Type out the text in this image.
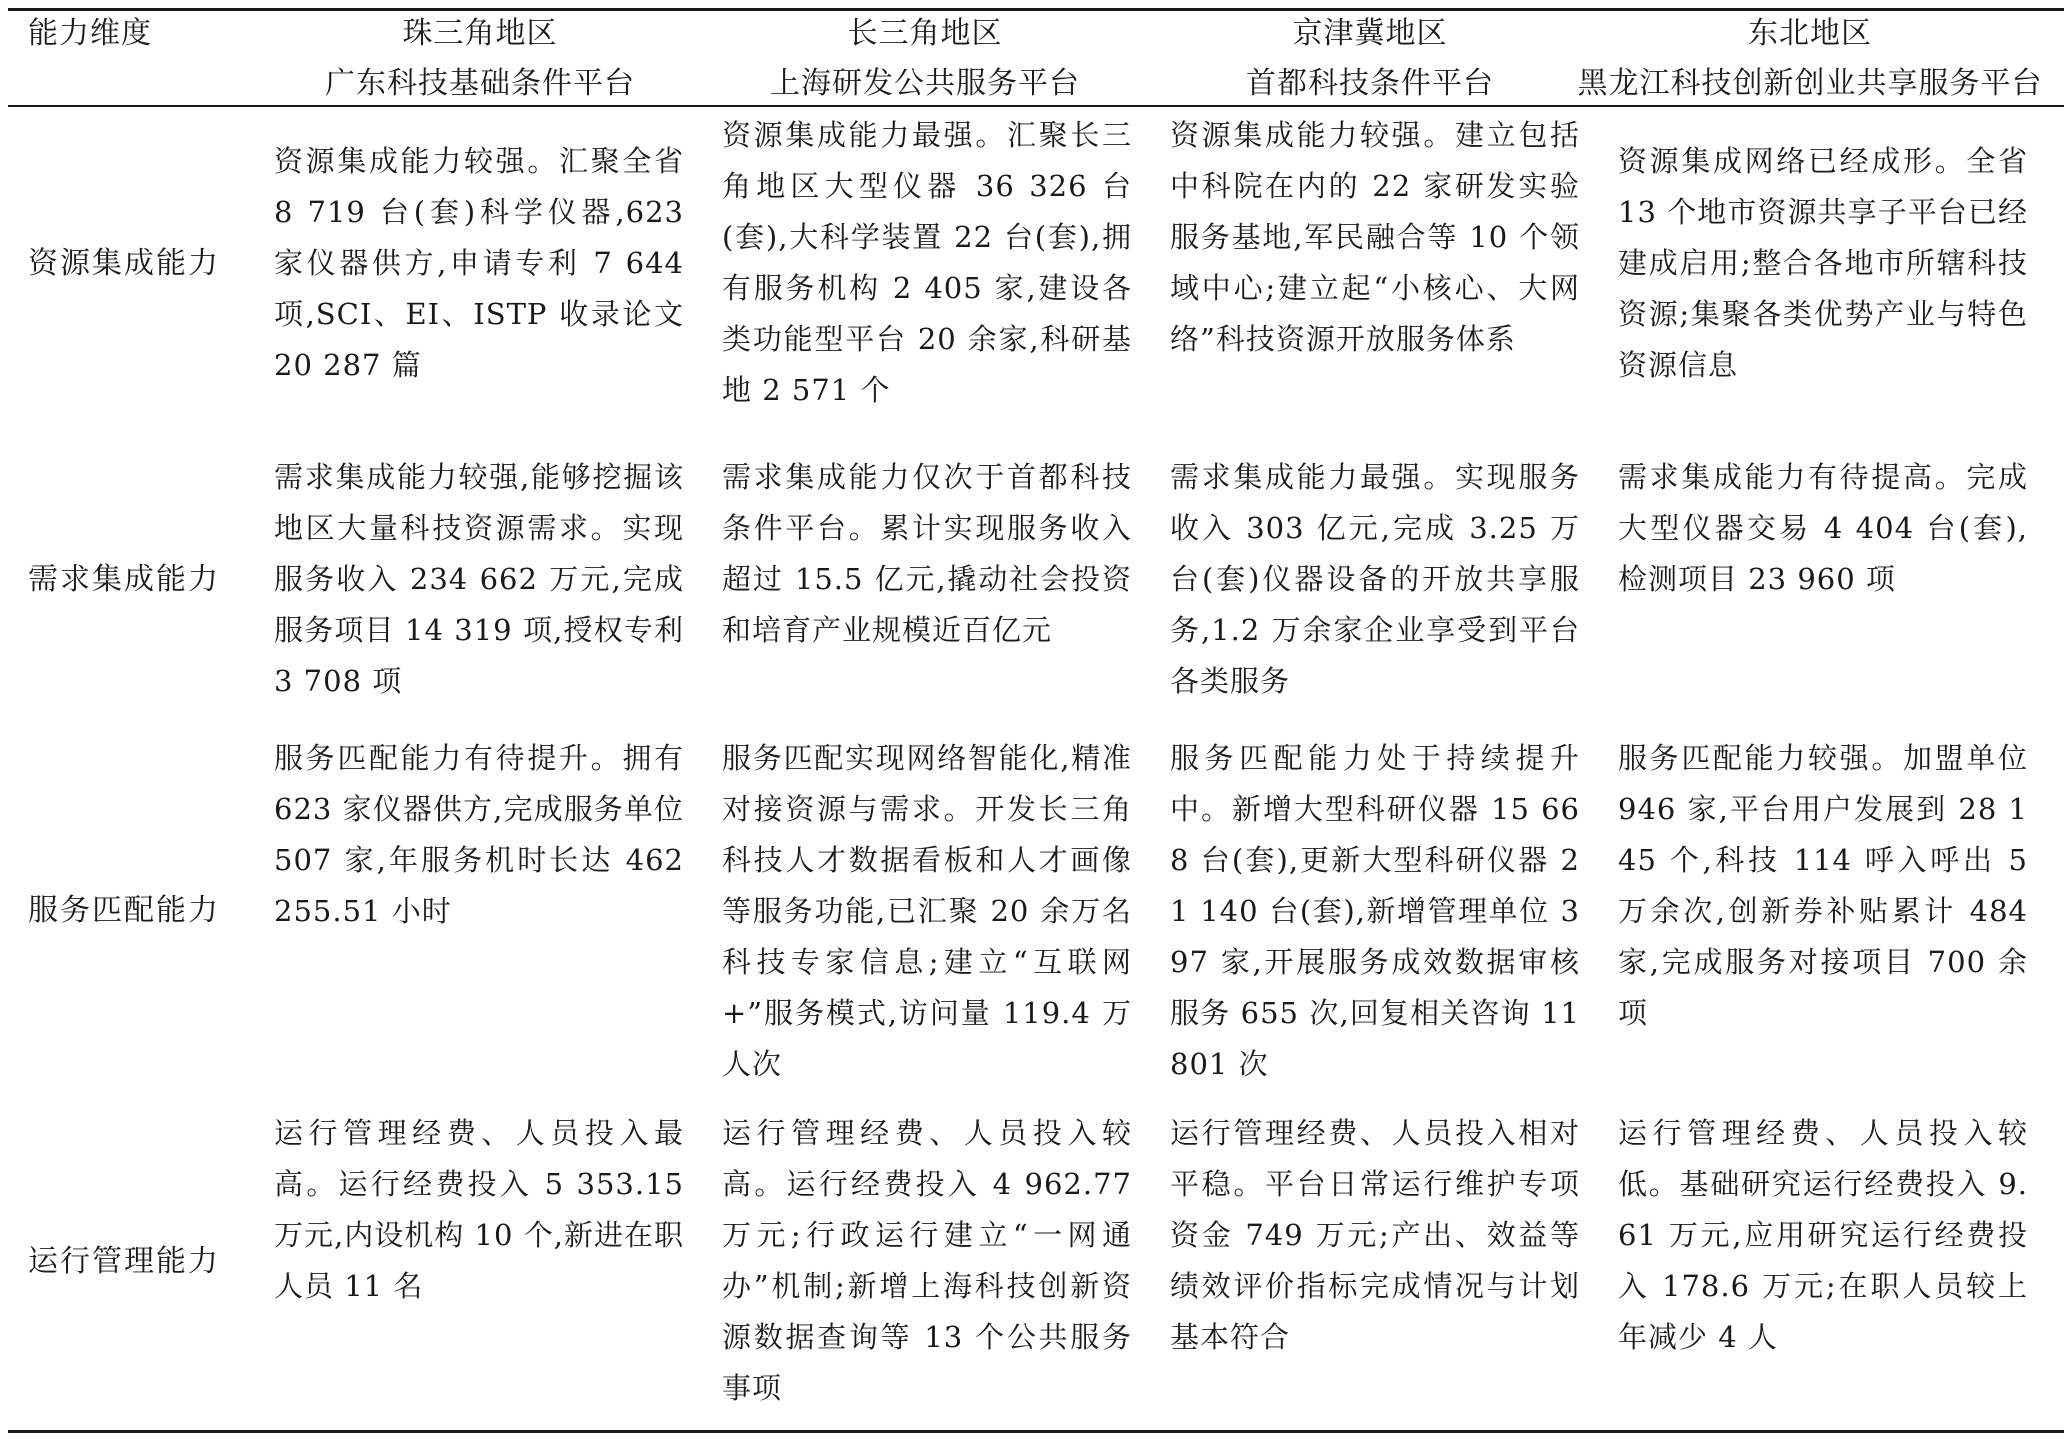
能力维度	珠三角地区
广东科技基础条件平台
长三角地区
上海研发公共服务平台
京津冀地区
首都科技条件平台
东北地区
黑龙江科技创新创业共享服务平台
资源集成能力
资源集成能力较强。汇聚全省 8 719 台(套)科学仪器,623 家仪器供方,申请专利 7 644 项,SCI、EI、ISTP 收录论文 20 287 篇
资源集成能力最强。汇聚长三角地区大型仪器 36 326 台(套),大科学装置 22 台(套),拥有服务机构 2 405 家,建设各类功能型平台 20 余家,科研基地 2 571 个
资源集成能力较强。建立包括中科院在内的 22 家研发实验服务基地,军民融合等 10 个领域中心;建立起“小核心、大网络”科技资源开放服务体系
资源集成网络已经成形。全省 13 个地市资源共享子平台已经建成启用;整合各地市所辖科技资源;集聚各类优势产业与特色资源信息
需求集成能力
需求集成能力较强,能够挖掘该地区大量科技资源需求。实现服务收入 234 662 万元,完成服务项目 14 319 项,授权专利 3 708 项
需求集成能力仅次于首都科技条件平台。累计实现服务收入超过 15.5 亿元,撬动社会投资和培育产业规模近百亿元
需求集成能力最强。实现服务收入 303 亿元,完成 3.25 万台(套)仪器设备的开放共享服务,1.2 万余家企业享受到平台各类服务
需求集成能力有待提高。完成大型仪器交易 4 404 台(套),检测项目 23 960 项
服务匹配能力
服务匹配能力有待提升。拥有 623 家仪器供方,完成服务单位 507 家,年服务机时长达 462 255.51 小时
服务匹配实现网络智能化,精准对接资源与需求。开发长三角科技人才数据看板和人才画像等服务功能,已汇聚 20 余万名科技专家信息;建立“互联网+”服务模式,访问量 119.4 万人次
服务匹配能力处于持续提升中。新增大型科研仪器 15 668 台(套),更新大型科研仪器 21 140 台(套),新增管理单位 397 家,开展服务成效数据审核服务 655 次,回复相关咨询 11 801 次
服务匹配能力较强。加盟单位 946 家,平台用户发展到 28 145 个,科技 114 呼入呼出 5 万余次,创新券补贴累计 484 家,完成服务对接项目 700 余项
运行管理能力
运行管理经费、人员投入最高。运行经费投入 5 353.15 万元,内设机构 10 个,新进在职人员 11 名
运行管理经费、人员投入较高。运行经费投入 4 962.77 万元;行政运行建立“一网通办”机制;新增上海科技创新资源数据查询等 13 个公共服务事项
运行管理经费、人员投入相对平稳。平台日常运行维护专项资金 749 万元;产出、效益等绩效评价指标完成情况与计划基本符合
运行管理经费、人员投入较低。基础研究运行经费投入 9.61 万元,应用研究运行经费投入 178.6 万元;在职人员较上年减少 4 人
